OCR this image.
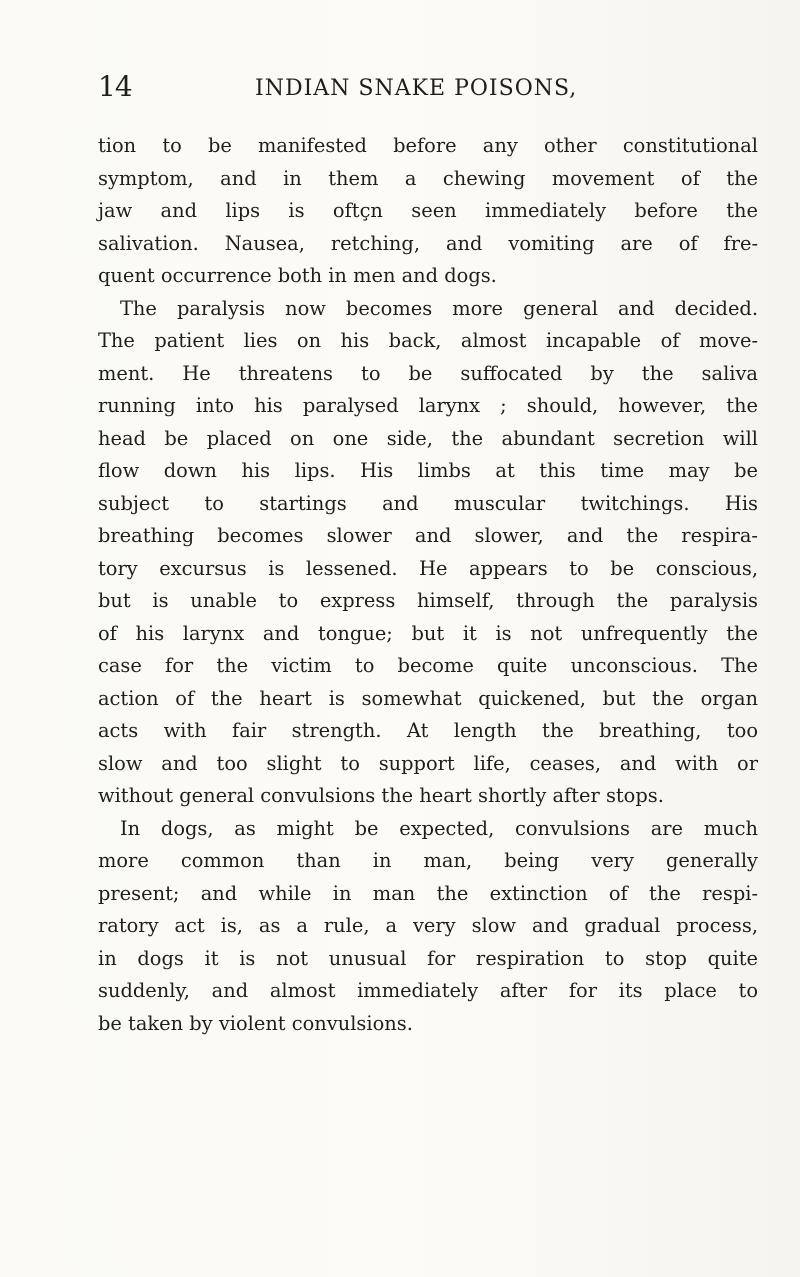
14	INDIAN SNAKE POISONS,
tion to be manifested before any other constitutional
symptom, and in them a chewing movement of the
jaw and lips is oftçn seen immediately before the
salivation. Nausea, retching, and vomiting are of fre-
quent occurrence both in men and dogs.
The paralysis now becomes more general and decided.
The patient lies on his back, almost incapable of move-
ment. He threatens to be suffocated by the saliva
running into his paralysed larynx ; should, however, the
head be placed on one side, the abundant secretion will
flow down his lips. His limbs at this time may be
subject to startings and muscular twitchings. His
breathing becomes slower and slower, and the respira-
tory excursus is lessened. He appears to be conscious,
but is unable to express himself, through the paralysis
of his larynx and tongue; but it is not unfrequently the
case for the victim to become quite unconscious. The
action of the heart is somewhat quickened, but the organ
acts with fair strength. At length the breathing, too
slow and too slight to support life, ceases, and with or
without general convulsions the heart shortly after stops.
In dogs, as might be expected, convulsions are much
more common than in man, being very generally
present; and while in man the extinction of the respi-
ratory act is, as a rule, a very slow and gradual process,
in dogs it is not unusual for respiration to stop quite
suddenly, and almost immediately after for its place to
be taken by violent convulsions.
